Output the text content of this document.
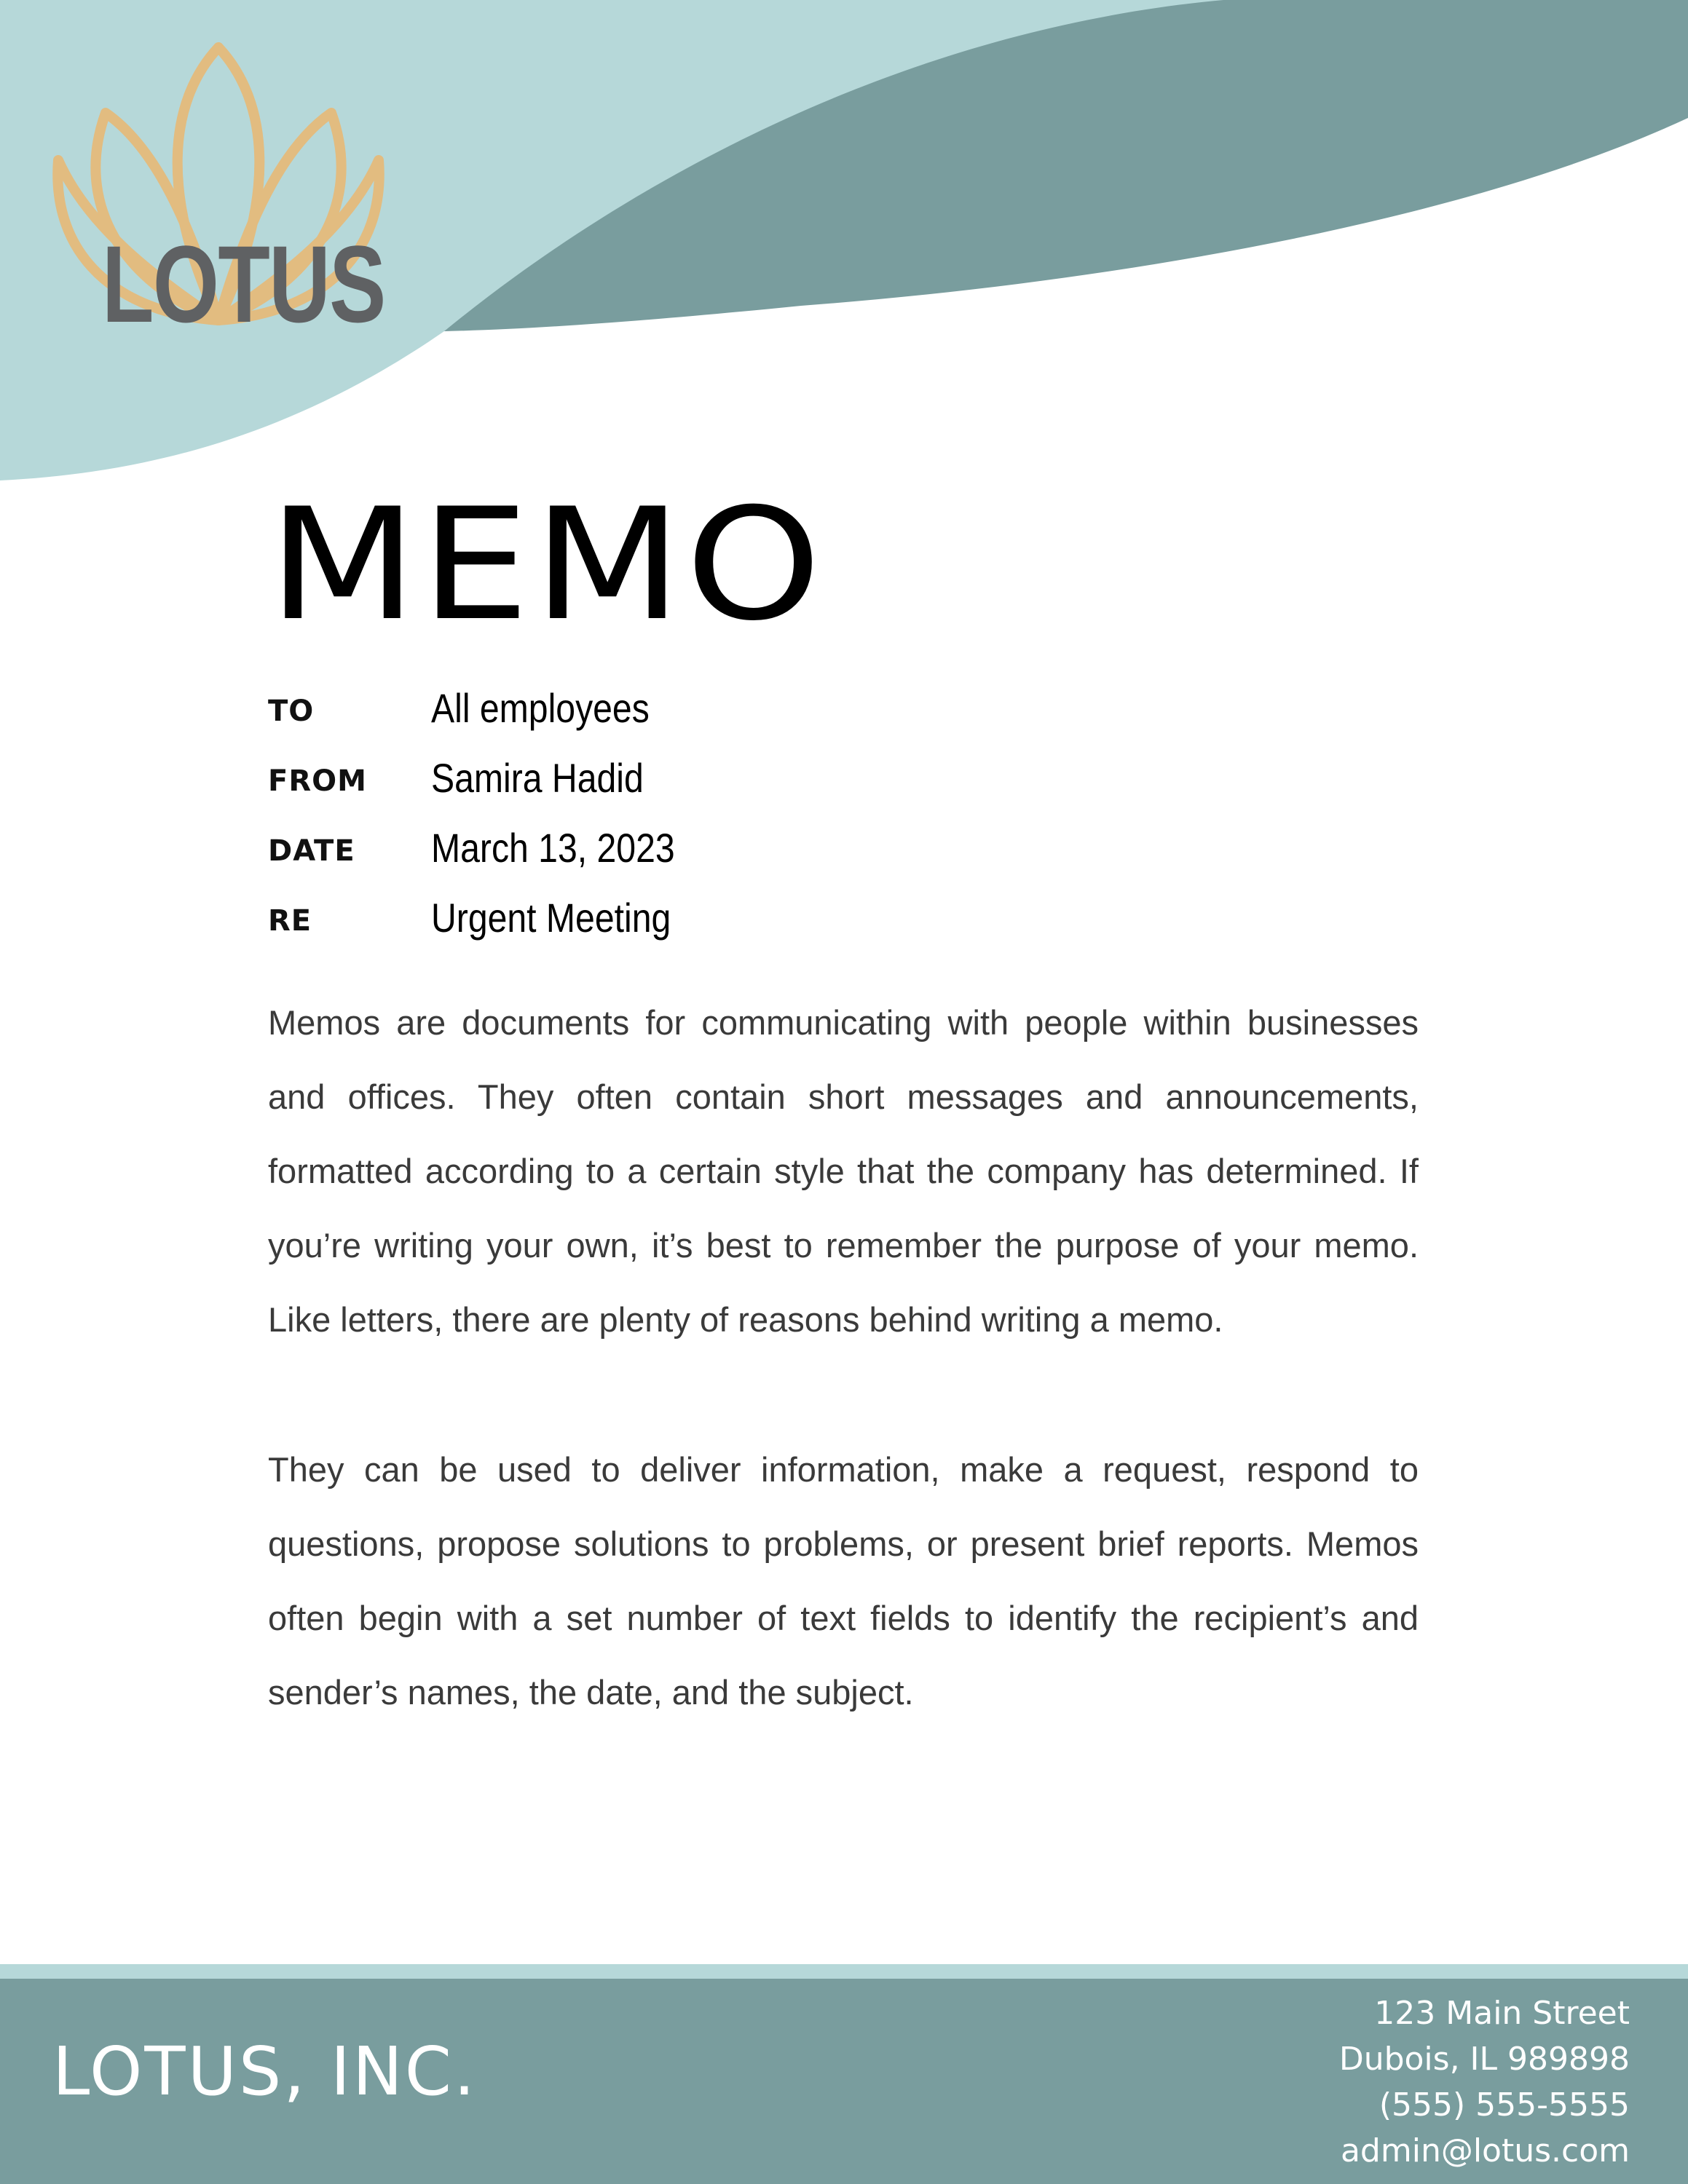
LOTUS
MEMO
TO	All employees
FROM Samira Hadid
DATE March 13, 2023
RE	Urgent Meeting

Memos are documents for communicating with people within businesses and offices. They often contain short messages and announcements, formatted according to a certain style that the company has determined. If you’re writing your own, it’s best to remember the purpose of your memo. Like letters, there are plenty of reasons behind writing a memo.

They can be used to deliver information, make a request, respond to questions, propose solutions to problems, or present brief reports. Memos often begin with a set number of text fields to identify the recipient’s and sender’s names, the date, and the subject.

LOTUS, INC.
123 Main Street
Dubois, IL 989898
(555) 555-5555
admin@lotus.com
